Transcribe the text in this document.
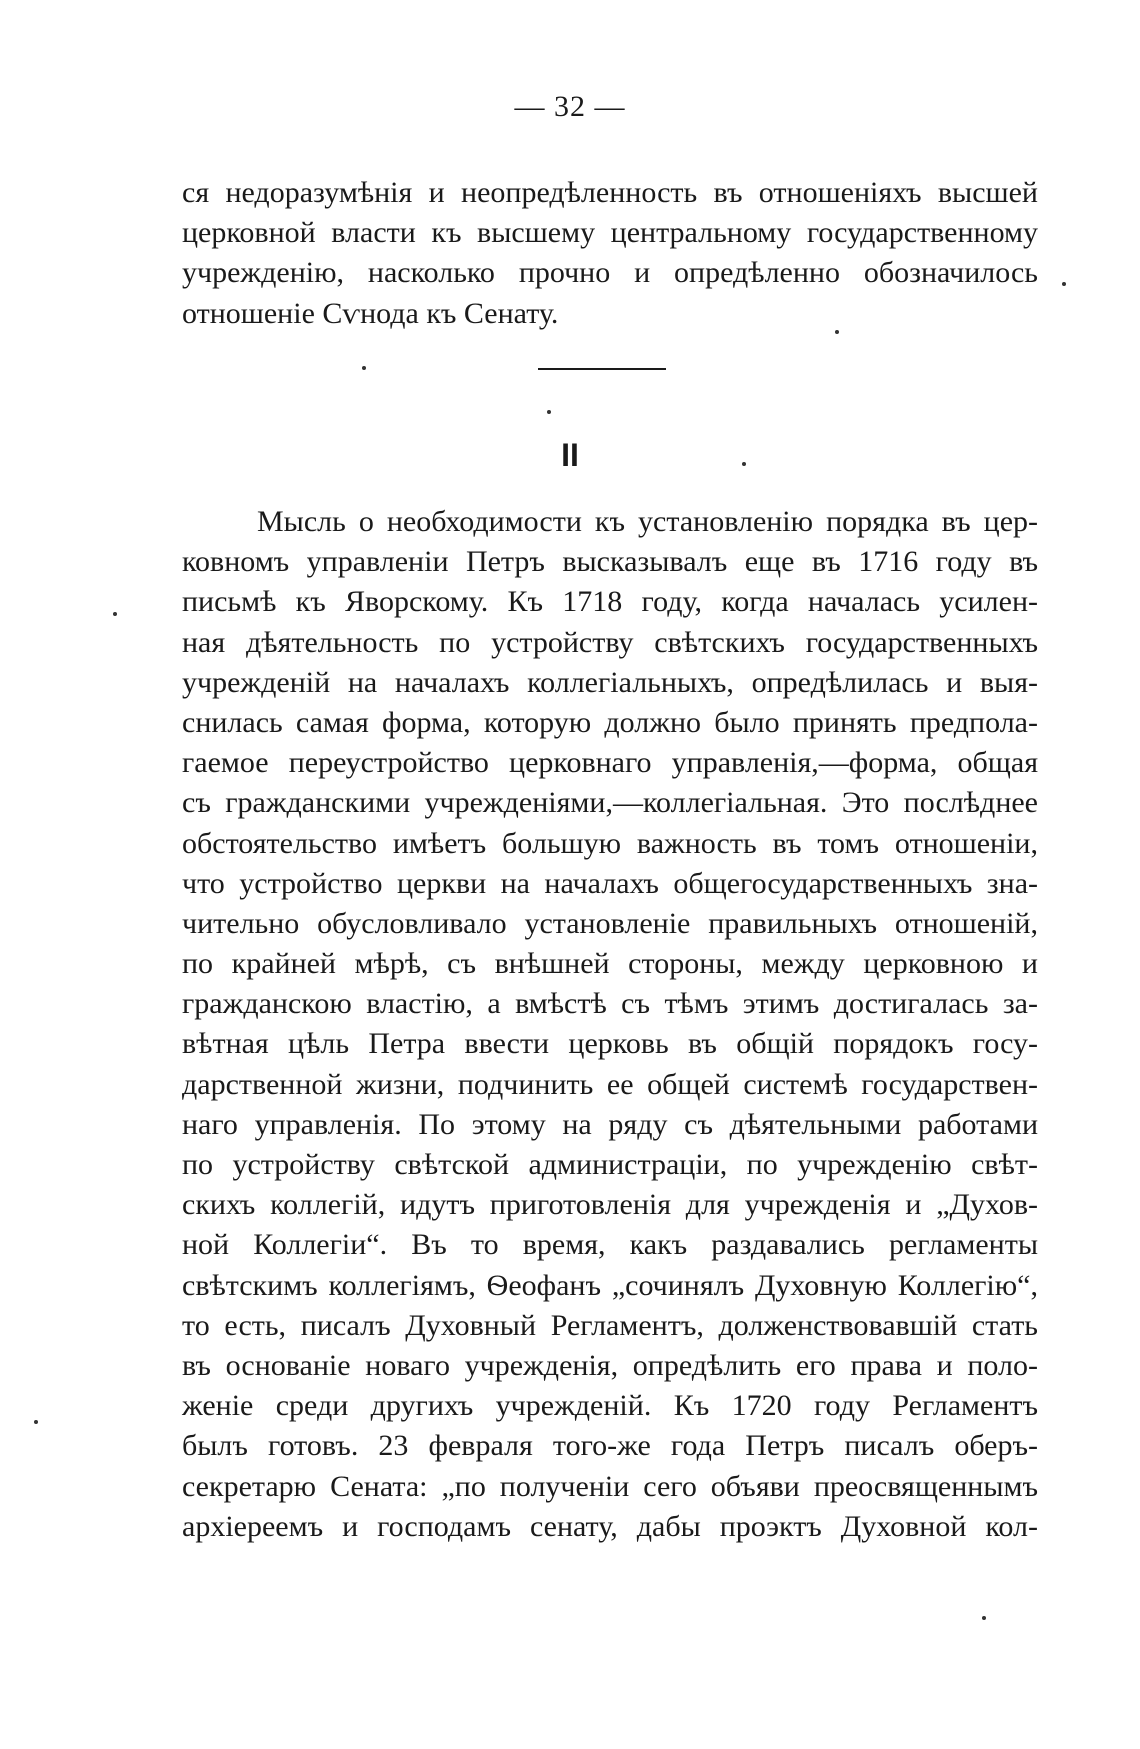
— 32 —
ся недоразумѣнія и неопредѣленность въ отношеніяхъ высшей
церковной власти къ высшему центральному государственному
учрежденію, насколько прочно и опредѣленно обозначилось
отношеніе Сѵнода къ Сенату.
II
Мысль о необходимости къ установленію порядка въ цер-
ковномъ управленіи Петръ высказывалъ еще въ 1716 году въ
письмѣ къ Яворскому. Къ 1718 году, когда началась усилен-
ная дѣятельность по устройству свѣтскихъ государственныхъ
учрежденій на началахъ коллегіальныхъ, опредѣлилась и выя-
снилась самая форма, которую должно было принять предпола-
гаемое переустройство церковнаго управленія,—форма, общая
съ гражданскими учрежденіями,—коллегіальная. Это послѣднее
обстоятельство имѣетъ большую важность въ томъ отношеніи,
что устройство церкви на началахъ общегосударственныхъ зна-
чительно обусловливало установленіе правильныхъ отношеній,
по крайней мѣрѣ, съ внѣшней стороны, между церковною и
гражданскою властію, а вмѣстѣ съ тѣмъ этимъ достигалась за-
вѣтная цѣль Петра ввести церковь въ общій порядокъ госу-
дарственной жизни, подчинить ее общей системѣ государствен-
наго управленія. По этому на ряду съ дѣятельными работами
по устройству свѣтской администраціи, по учрежденію свѣт-
скихъ коллегій, идутъ приготовленія для учрежденія и „Духов-
ной Коллегіи“. Въ то время, какъ раздавались регламенты
свѣтскимъ коллегіямъ, Ѳеофанъ „сочинялъ Духовную Коллегію“,
то есть, писалъ Духовный Регламентъ, долженствовавшій стать
въ основаніе новаго учрежденія, опредѣлить его права и поло-
женіе среди другихъ учрежденій. Къ 1720 году Регламентъ
былъ готовъ. 23 февраля того-же года Петръ писалъ оберъ-
секретарю Сената: „по полученіи сего объяви преосвященнымъ
архіереемъ и господамъ сенату, дабы проэктъ Духовной кол-
